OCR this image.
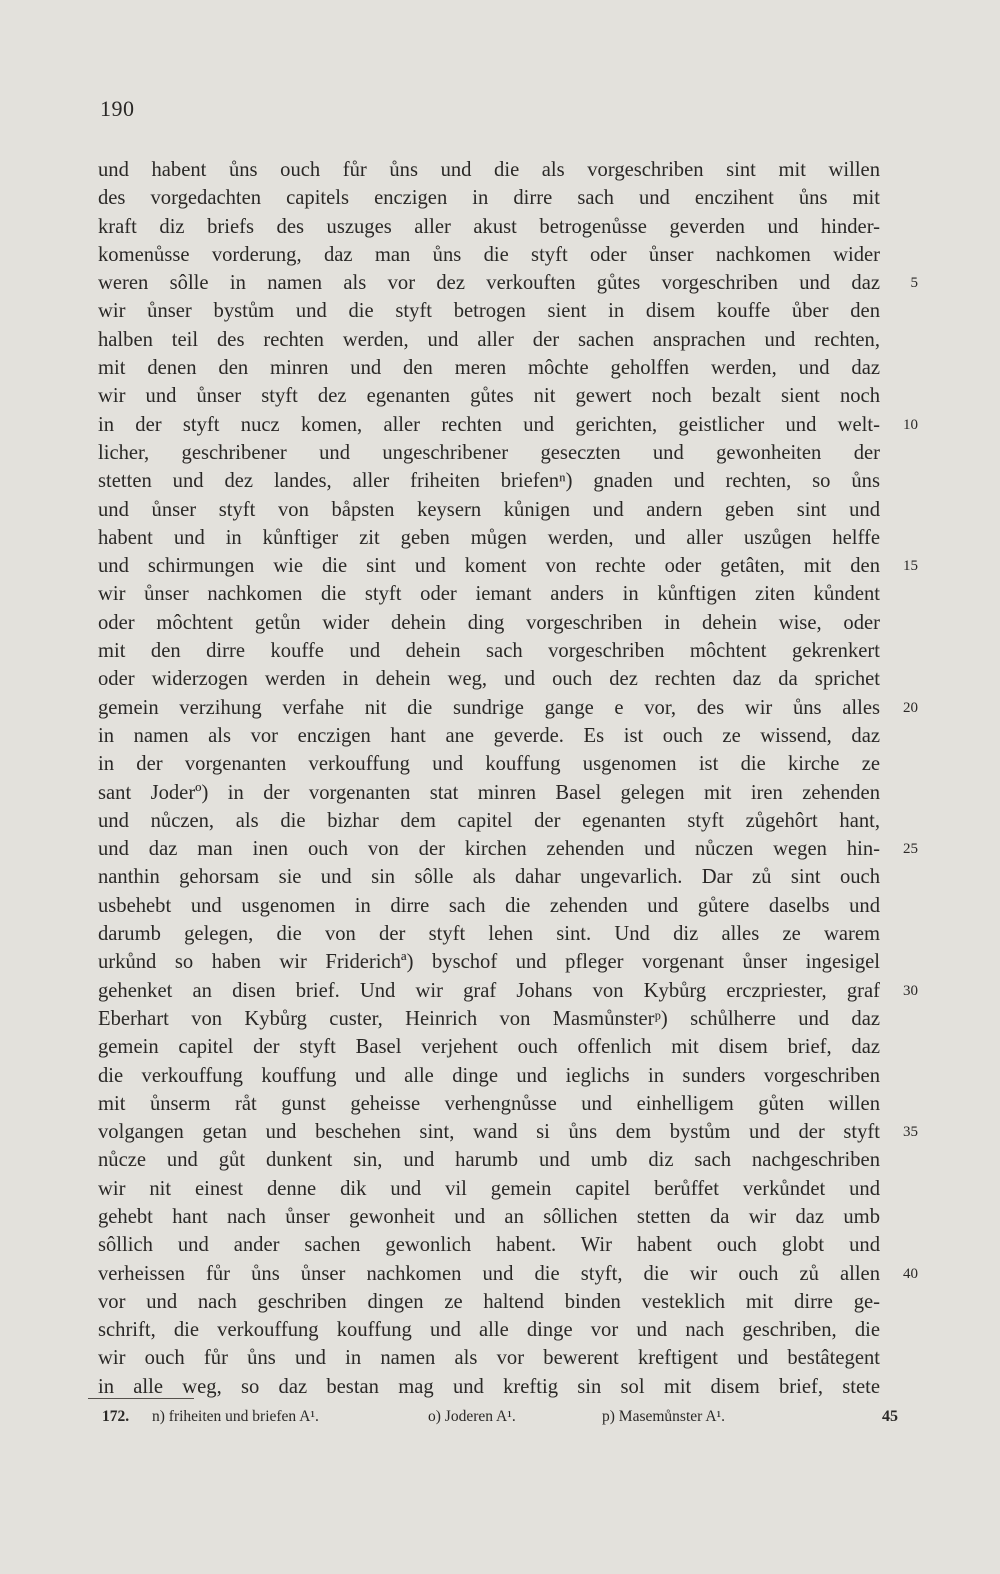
190
und habent ůns ouch fůr ůns und die als vorgeschriben sint mit willen
des vorgedachten capitels enczigen in dirre sach und enczihent ůns mit
kraft diz briefs des uszuges aller akust betrogenůsse geverden und hinder-
komenůsse vorderung, daz man ůns die styft oder ůnser nachkomen wider
weren sôlle in namen als vor dez verkouften gůtes vorgeschriben und daz
wir ůnser bystům und die styft betrogen sient in disem kouffe ůber den
halben teil des rechten werden, und aller der sachen ansprachen und rechten,
mit denen den minren und den meren môchte geholffen werden, und daz
wir und ůnser styft dez egenanten gůtes nit gewert noch bezalt sient noch
in der styft nucz komen, aller rechten und gerichten, geistlicher und welt-
licher, geschribener und ungeschribener geseczten und gewonheiten der
stetten und dez landes, aller friheiten briefenⁿ) gnaden und rechten, so ůns
und ůnser styft von båpsten keysern kůnigen und andern geben sint und
habent und in kůnftiger zit geben můgen werden, und aller uszůgen helffe
und schirmungen wie die sint und koment von rechte oder getâten, mit den
wir ůnser nachkomen die styft oder iemant anders in kůnftigen ziten kůndent
oder môchtent getůn wider dehein ding vorgeschriben in dehein wise, oder
mit den dirre kouffe und dehein sach vorgeschriben môchtent gekrenkert
oder widerzogen werden in dehein weg, und ouch dez rechten daz da sprichet
gemein verzihung verfahe nit die sundrige gange e vor, des wir ůns alles
in namen als vor enczigen hant ane geverde. Es ist ouch ze wissend, daz
in der vorgenanten verkouffung und kouffung usgenomen ist die kirche ze
sant Joderº) in der vorgenanten stat minren Basel gelegen mit iren zehenden
und nůczen, als die bizhar dem capitel der egenanten styft zůgehôrt hant,
und daz man inen ouch von der kirchen zehenden und nůczen wegen hin-
nanthin gehorsam sie und sin sôlle als dahar ungevarlich. Dar zů sint ouch
usbehebt und usgenomen in dirre sach die zehenden und gůtere daselbs und
darumb gelegen, die von der styft lehen sint. Und diz alles ze warem
urkůnd so haben wir Friderichª) byschof und pfleger vorgenant ůnser ingesigel
gehenket an disen brief. Und wir graf Johans von Kybůrg erczpriester, graf
Eberhart von Kybůrg custer, Heinrich von Masmůnsterᵖ) schůlherre und daz
gemein capitel der styft Basel verjehent ouch offenlich mit disem brief, daz
die verkouffung kouffung und alle dinge und ieglichs in sunders vorgeschriben
mit ůnserm råt gunst geheisse verhengnůsse und einhelligem gůten willen
volgangen getan und beschehen sint, wand si ůns dem bystům und der styft
nůcze und gůt dunkent sin, und harumb und umb diz sach nachgeschriben
wir nit einest denne dik und vil gemein capitel berůffet verkůndet und
gehebt hant nach ůnser gewonheit und an sôllichen stetten da wir daz umb
sôllich und ander sachen gewonlich habent. Wir habent ouch globt und
verheissen fůr ůns ůnser nachkomen und die styft, die wir ouch zů allen
vor und nach geschriben dingen ze haltend binden vesteklich mit dirre ge-
schrift, die verkouffung kouffung und alle dinge vor und nach geschriben, die
wir ouch fůr ůns und in namen als vor bewerent kreftigent und bestâtegent
in alle weg, so daz bestan mag und kreftig sin sol mit disem brief, stete
5
10
15
20
25
30
35
40
172. n) friheiten und briefen A¹.	o) Joderen A¹.	p) Masemůnster A¹.	45
